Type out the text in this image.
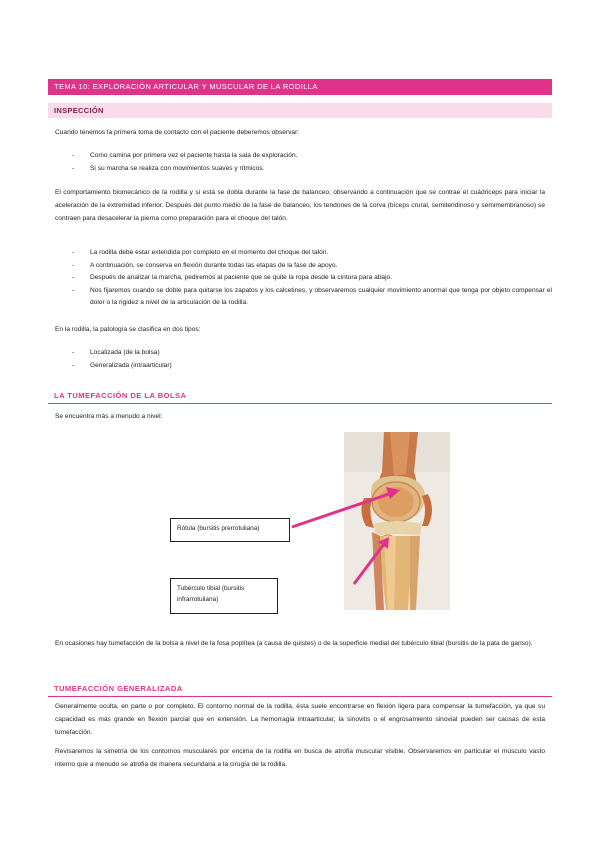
TEMA 10: EXPLORACIÓN ARTICULAR Y MUSCULAR DE LA RODILLA
INSPECCIÓN

Cuando tenemos la primera toma de contacto con el paciente deberemos observar:

- Como camina por primera vez el paciente hasta la sala de exploración.
- Si su marcha se realiza con movimientos suaves y rítmicos.

El comportamiento biomecánico de la rodilla y si está se dobla durante la fase de balanceo; observando a continuación que se contrae el cuádriceps para iniciar la aceleración de la extremidad inferior. Después del punto medio de la fase de balanceo, los tendones de la corva (bíceps crural, semitendinoso y semimembranoso) se contraen para desacelerar la pierna como preparación para el choque del talón.

- La rodilla debe estar extendida por completo en el momento del choque del talón.
- A continuación, se conserva en flexión durante todas las etapas de la fase de apoyo.
- Después de analizar la marcha, pediremos al paciente que se quite la ropa desde la cintura para abajo.
- Nos fijaremos cuando se doble para quitarse los zapatos y los calcetines, y observaremos cualquier movimiento anormal que tenga por objeto compensar el dolor o la rigidez a nivel de la articulación de la rodilla.

En la rodilla, la patología se clasifica en dos tipos:

- Localizada (de la bolsa)
- Generalizada (intraarticular)
LA TUMEFACCIÓN DE LA BOLSA

Se encuentra más a menudo a nivel:

Rótula (bursitis prerrotuliana)
Tubérculo tibial (bursitis infrarrotuliana)

En ocasiones hay tumefacción de la bolsa a nivel de la fosa poplítea (a causa de quistes) o de la superficie medial del tubérculo tibial (bursitis de la pata de ganso).

TUMEFACCIÓN GENERALIZADA

Generalmente oculta, en parte o por completo. El contorno normal de la rodilla, ésta suele encontrarse en flexión ligera para compensar la tumefacción, ya que su capacidad es más grande en flexión parcial que en extensión. La hemorragia intraarticular, la sinovitis o el engrosamiento sinovial pueden ser causas de esta tumefacción.

Revisaremos la simetría de los contornos musculares por encima de la rodilla en busca de atrofia muscular visible. Observaremos en particular el músculo vasto interno que a menudo se atrofia de manera secundaria a la cirugía de la rodilla.
